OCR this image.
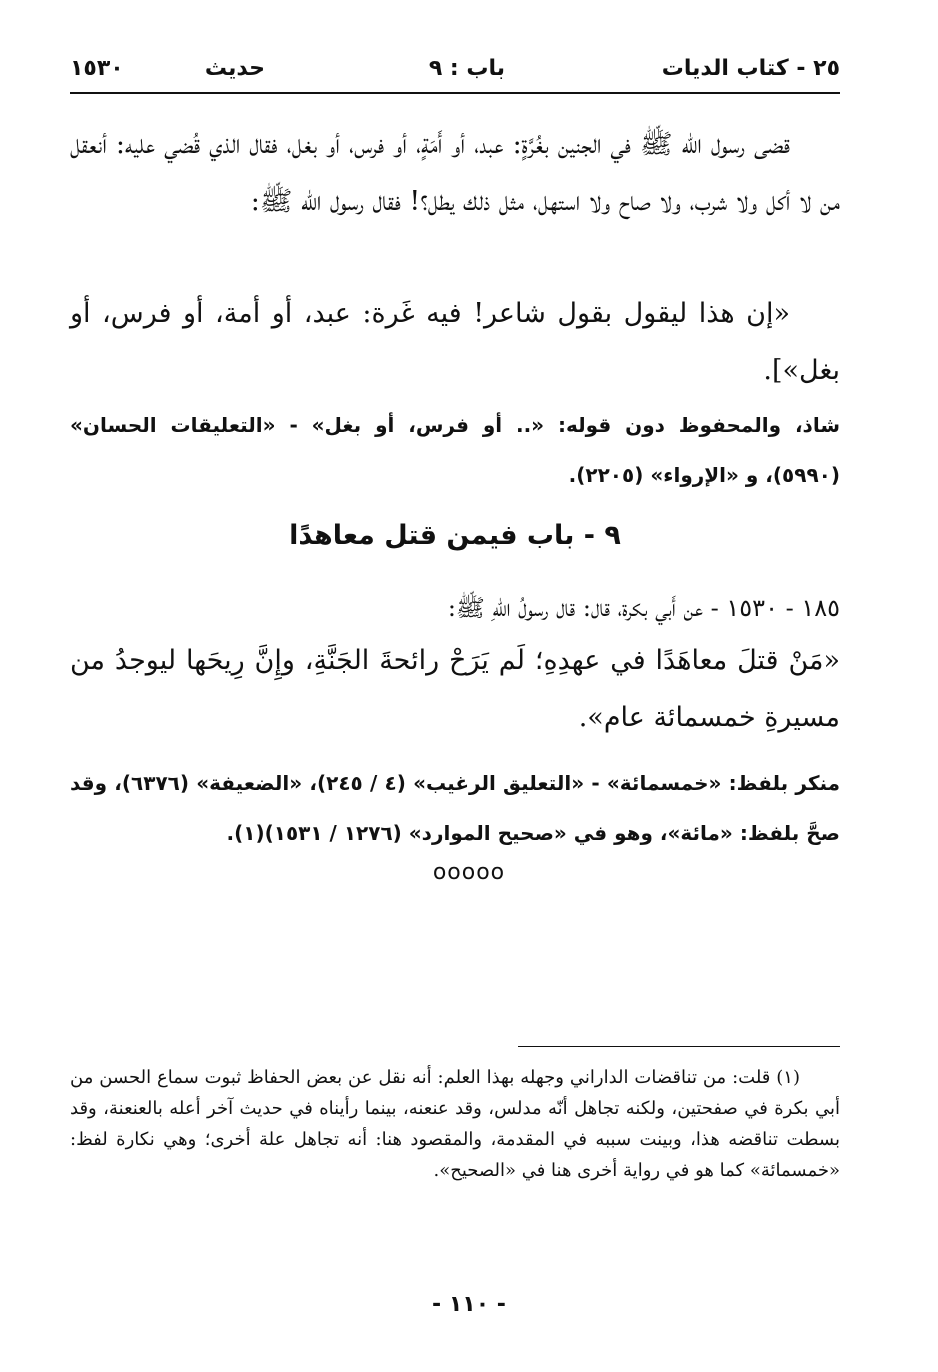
٢٥ - كتاب الديات
باب : ٩
حديث
١٥٣٠
قضى رسول الله ﷺ في الجنين بغُرَّةٍ: عبد، أو أَمَةٍ، أو فرس، أو بغل، فقال الذي قُضي عليه: أنعقل من لا أكل ولا شرب، ولا صاح ولا استهل، مثل ذلك يطل؟! فقال رسول الله ﷺ:
«إن هذا ليقول بقول شاعر! فيه غَرة: عبد، أو أمة، أو فرس، أو بغل»].
شاذ، والمحفوظ دون قوله: «.. أو فرس، أو بغل» - «التعليقات الحسان» (٥٩٩٠)، و «الإرواء» (٢٢٠٥).
٩ - باب فيمن قتل معاهدًا
١٨٥ - ١٥٣٠ - عن أَبي بكرة، قال: قال رسولُ اللهِ ﷺ:
«مَنْ قتلَ معاهَدًا في عهدِهِ؛ لَم يَرَحْ رائحةَ الجَنَّةِ، وإِنَّ رِيحَها ليوجدُ من مسيرةِ خمسمائة عام».
منكر بلفظ: «خمسمائة» - «التعليق الرغيب» (٤ / ٢٤٥)، «الضعيفة» (٦٣٧٦)، وقد صحَّ بلفظ: «مائة»، وهو في «صحيح الموارد» (١٢٧٦ / ١٥٣١)(١).
ooooo
(١) قلت: من تناقضات الداراني وجهله بهذا العلم: أنه نقل عن بعض الحفاظ ثبوت سماع الحسن من أبي بكرة في صفحتين، ولكنه تجاهل أنّه مدلس، وقد عنعنه، بينما رأيناه في حديث آخر أعله بالعنعنة، وقد بسطت تناقضه هذا، وبينت سببه في المقدمة، والمقصود هنا: أنه تجاهل علة أخرى؛ وهي نكارة لفظ: «خمسمائة» كما هو في رواية أخرى هنا في «الصحيح».
- ١١٠ -
